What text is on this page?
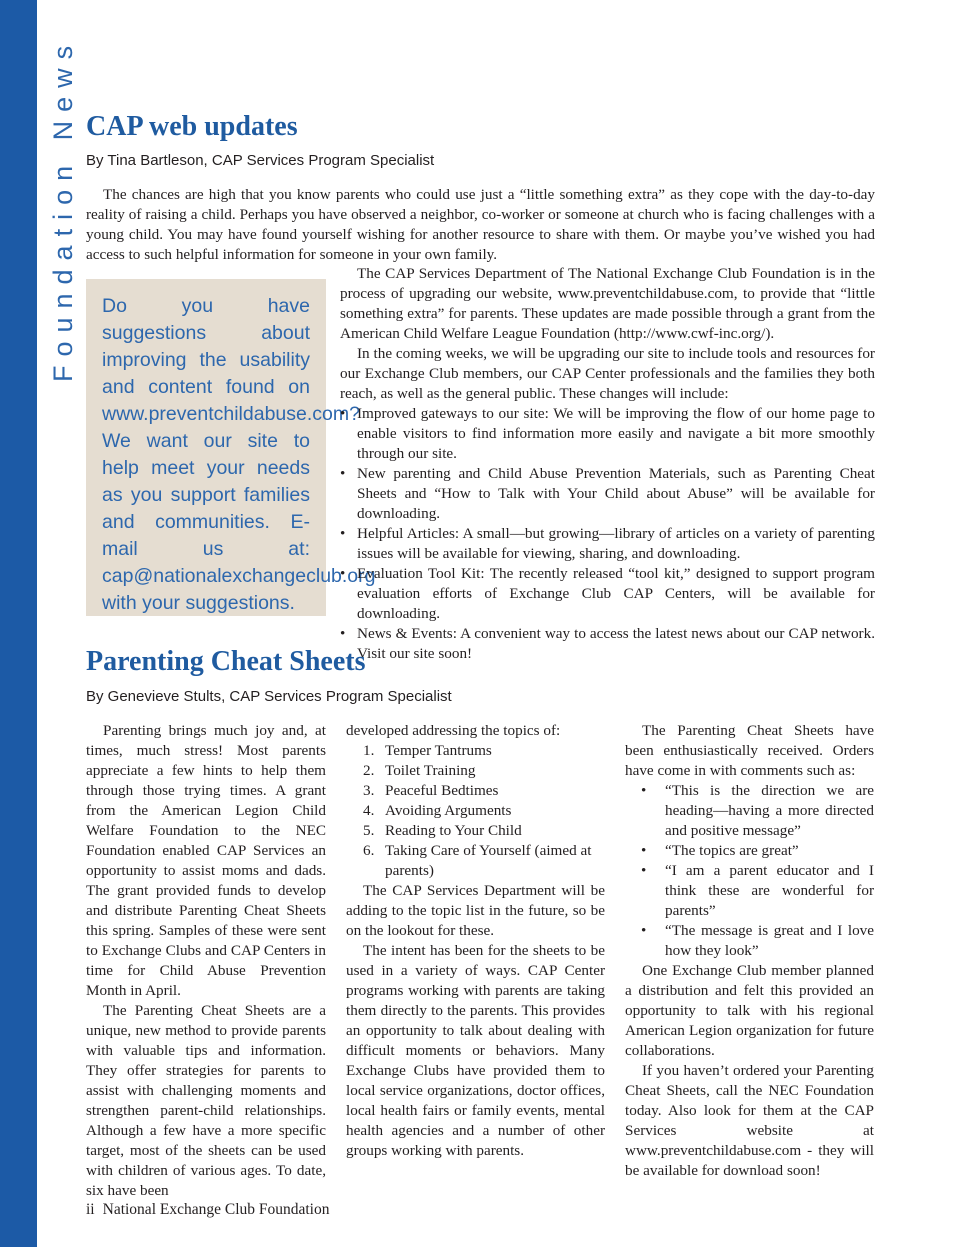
Foundation News CAP web updates

By Tina Bartleson, CAP Services Program Specialist

The chances are high that you know parents who could use just a “little something extra” as they cope with the day-to-day reality of raising a child. Perhaps you have observed a neighbor, co-worker or someone at church who is facing challenges with a young child. You may have found yourself wishing for another resource to share with them. Or maybe you’ve wished you had access to such helpful information for someone in your own family.

Do you have suggestions about improving the usability and content found on www.preventchildabuse.com? We want our site to help meet your needs as you support families and communities. E-mail us at: cap@nationalexchangeclub.org with your suggestions.

The CAP Services Department of The National Exchange Club Foundation is in the process of upgrading our website, www.preventchildabuse.com, to provide that “little something extra” for parents. These updates are made possible through a grant from the American Child Welfare League Foundation (http://www.cwf-inc.org/).

In the coming weeks, we will be upgrading our site to include tools and resources for our Exchange Club members, our CAP Center professionals and the families they both reach, as well as the general public. These changes will include:

• Improved gateways to our site: We will be improving the flow of our home page to enable visitors to find information more easily and navigate a bit more smoothly through our site.
• New parenting and Child Abuse Prevention Materials, such as Parenting Cheat Sheets and “How to Talk with Your Child about Abuse” will be available for downloading.
• Helpful Articles: A small—but growing—library of articles on a variety of parenting issues will be available for viewing, sharing, and downloading.
• Evaluation Tool Kit: The recently released “tool kit,” designed to support program evaluation efforts of Exchange Club CAP Centers, will be available for downloading.
• News & Events: A convenient way to access the latest news about our CAP network. Visit our site soon!
Parenting Cheat Sheets

By Genevieve Stults, CAP Services Program Specialist

Parenting brings much joy and, at times, much stress! Most parents appreciate a few hints to help them through those trying times. A grant from the American Legion Child Welfare Foundation to the NEC Foundation enabled CAP Services an opportunity to assist moms and dads. The grant provided funds to develop and distribute Parenting Cheat Sheets this spring. Samples of these were sent to Exchange Clubs and CAP Centers in time for Child Abuse Prevention Month in April.

The Parenting Cheat Sheets are a unique, new method to provide parents with valuable tips and information. They offer strategies for parents to assist with challenging moments and strengthen parent-child relationships. Although a few have a more specific target, most of the sheets can be used with children of various ages. To date, six have been

developed addressing the topics of:

1. Temper Tantrums
2. Toilet Training
3. Peaceful Bedtimes
4. Avoiding Arguments
5. Reading to Your Child
6. Taking Care of Yourself (aimed at parents)

The CAP Services Department will be adding to the topic list in the future, so be on the lookout for these.

The intent has been for the sheets to be used in a variety of ways. CAP Center programs working with parents are taking them directly to the parents. This provides an opportunity to talk about dealing with difficult moments or behaviors. Many Exchange Clubs have provided them to local service organizations, doctor offices, local health fairs or family events, mental health agencies and a number of other groups working with parents.

The Parenting Cheat Sheets have been enthusiastically received. Orders have come in with comments such as:

• “This is the direction we are heading—having a more directed and positive message”
• “The topics are great”
• “I am a parent educator and I think these are wonderful for parents”
• “The message is great and I love how they look”

One Exchange Club member planned a distribution and felt this provided an opportunity to talk with his regional American Legion organization for future collaborations.

If you haven’t ordered your Parenting Cheat Sheets, call the NEC Foundation today. Also look for them at the CAP Services website at www.preventchildabuse.com - they will be available for download soon!

ii National Exchange Club Foundation
